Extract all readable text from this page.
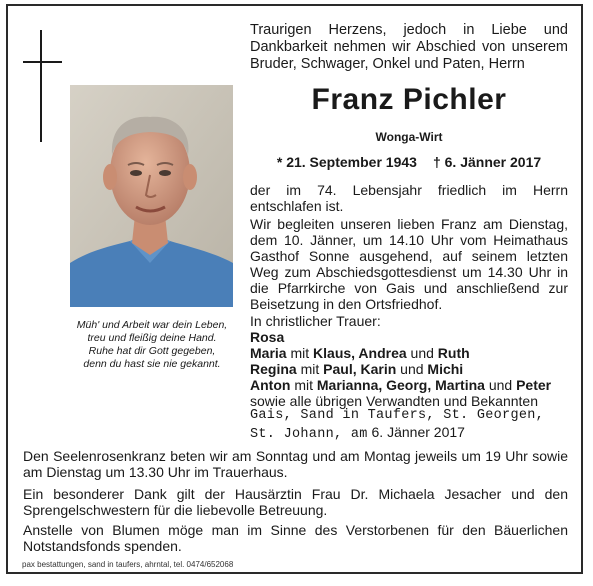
Traurigen Herzens, jedoch in Liebe und Dankbarkeit nehmen wir Abschied von unserem Bruder, Schwager, Onkel und Paten, Herrn
Müh' und Arbeit war dein Leben,
treu und fleißig deine Hand.
Ruhe hat dir Gott gegeben,
denn du hast sie nie gekannt.
Franz Pichler
Wonga-Wirt
* 21. September 1943 † 6. Jänner 2017
der im 74. Lebensjahr friedlich im Herrn entschlafen ist.
Wir begleiten unseren lieben Franz am Dienstag, dem 10. Jänner, um 14.10 Uhr vom Heimathaus Gasthof Sonne ausgehend, auf seinem letzten Weg zum Abschiedsgottesdienst um 14.30 Uhr in die Pfarrkirche von Gais und anschließend zur Beisetzung in den Ortsfriedhof.
In christlicher Trauer:
Rosa
Maria mit Klaus, Andrea und Ruth
Regina mit Paul, Karin und Michi
Anton mit Marianna, Georg, Martina und Peter
sowie alle übrigen Verwandten und Bekannten
Gais, Sand in Taufers, St. Georgen,
St. Johann, am 6. Jänner 2017
Den Seelenrosenkranz beten wir am Sonntag und am Montag jeweils um 19 Uhr sowie am Dienstag um 13.30 Uhr im Trauerhaus.
Ein besonderer Dank gilt der Hausärztin Frau Dr. Michaela Jesacher und den Sprengelschwestern für die liebevolle Betreuung.
Anstelle von Blumen möge man im Sinne des Verstorbenen für den Bäuerlichen Notstandsfonds spenden.
pax bestattungen, sand in taufers, ahrntal, tel. 0474/652068
